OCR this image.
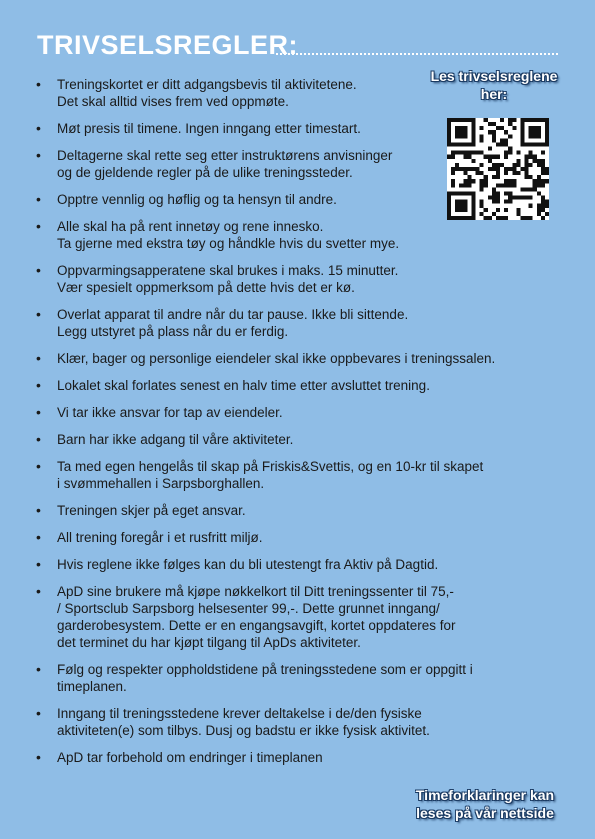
TRIVSELSREGLER:
Les trivselsreglene her:
• Treningskortet er ditt adgangsbevis til aktivitetene.
Det skal alltid vises frem ved oppmøte.
• Møt presis til timene. Ingen inngang etter timestart.
• Deltagerne skal rette seg etter instruktørens anvisninger
og de gjeldende regler på de ulike treningssteder.
• Opptre vennlig og høflig og ta hensyn til andre.
• Alle skal ha på rent innetøy og rene innesko.
Ta gjerne med ekstra tøy og håndkle hvis du svetter mye.
• Oppvarmingsapperatene skal brukes i maks. 15 minutter.
Vær spesielt oppmerksom på dette hvis det er kø.
• Overlat apparat til andre når du tar pause. Ikke bli sittende.
Legg utstyret på plass når du er ferdig.
• Klær, bager og personlige eiendeler skal ikke oppbevares i treningssalen.
• Lokalet skal forlates senest en halv time etter avsluttet trening.
• Vi tar ikke ansvar for tap av eiendeler.
• Barn har ikke adgang til våre aktiviteter.
• Ta med egen hengelås til skap på Friskis&Svettis, og en 10-kr til skapet
i svømmehallen i Sarpsborghallen.
• Treningen skjer på eget ansvar.
• All trening foregår i et rusfritt miljø.
• Hvis reglene ikke følges kan du bli utestengt fra Aktiv på Dagtid.
• ApD sine brukere må kjøpe nøkkelkort til Ditt treningssenter til 75,-
/ Sportsclub Sarpsborg helsesenter 99,-. Dette grunnet inngang/
garderobesystem. Dette er en engangsavgift, kortet oppdateres for
det terminet du har kjøpt tilgang til ApDs aktiviteter.
• Følg og respekter oppholdstidene på treningsstedene som er oppgitt i
timeplanen.
• Inngang til treningsstedene krever deltakelse i de/den fysiske
aktiviteten(e) som tilbys. Dusj og badstu er ikke fysisk aktivitet.
• ApD tar forbehold om endringer i timeplanen
Timeforklaringer kan leses på vår nettside
